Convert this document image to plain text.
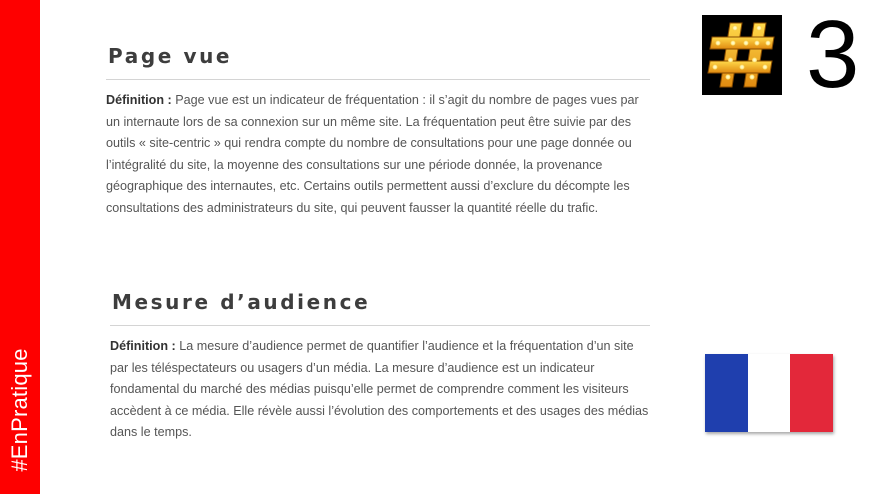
#EnPratique
Page vue

Définition : Page vue est un indicateur de fréquentation : il s’agit du nombre de pages vues par un internaute lors de sa connexion sur un même site. La fréquentation peut être suivie par des outils « site-centric » qui rendra compte du nombre de consultations pour une page donnée ou l’intégralité du site, la moyenne des consultations sur une période donnée, la provenance géographique des internautes, etc. Certains outils permettent aussi d’exclure du décompte les consultations des administrateurs du site, qui peuvent fausser la quantité réelle du trafic.

Mesure d’audience

Définition : La mesure d’audience permet de quantifier l’audience et la fréquentation d’un site par les téléspectateurs ou usagers d’un média. La mesure d’audience est un indicateur fondamental du marché des médias puisqu’elle permet de comprendre comment les visiteurs accèdent à ce média. Elle révèle aussi l’évolution des comportements et des usages des médias dans le temps.

3
